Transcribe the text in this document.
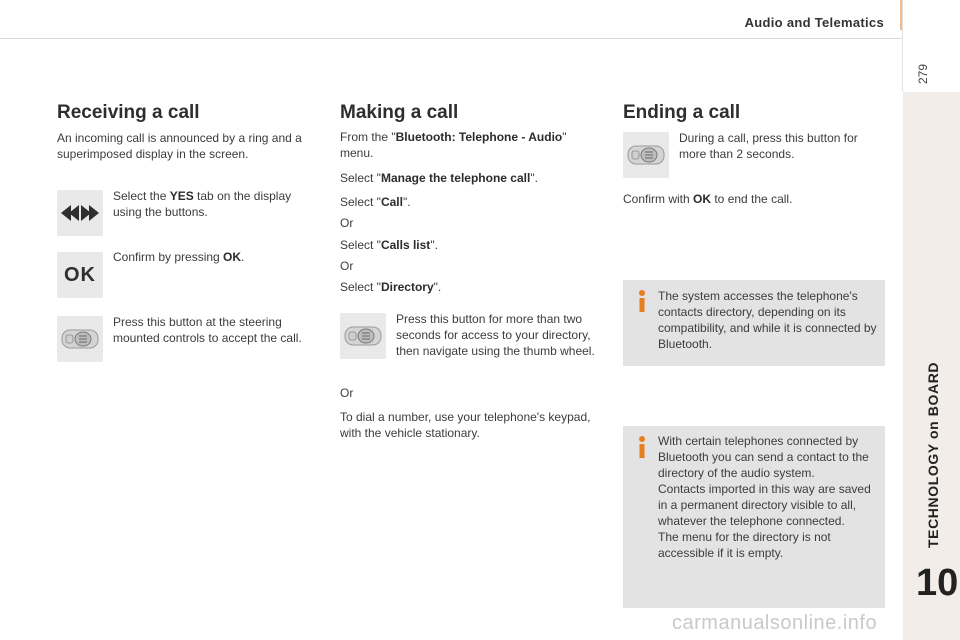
Audio and Telematics
279
TECHNOLOGY on BOARD
10
Receiving a call
An incoming call is announced by a ring and a superimposed display in the screen.
Select the YES tab on the display using the buttons.
OK
Confirm by pressing OK.
Press this button at the steering mounted controls to accept the call.
Making a call
From the "Bluetooth: Telephone - Audio" menu.
Select "Manage the telephone call".
Select "Call".
Or
Select "Calls list".
Or
Select "Directory".
Press this button for more than two seconds for access to your directory, then navigate using the thumb wheel.
Or
To dial a number, use your telephone's keypad, with the vehicle stationary.
Ending a call
During a call, press this button for more than 2 seconds.
Confirm with OK to end the call.
The system accesses the telephone's contacts directory, depending on its compatibility, and while it is connected by Bluetooth.
With certain telephones connected by Bluetooth you can send a contact to the directory of the audio system.
Contacts imported in this way are saved in a permanent directory visible to all, whatever the telephone connected.
The menu for the directory is not accessible if it is empty.
carmanualsonline.info
